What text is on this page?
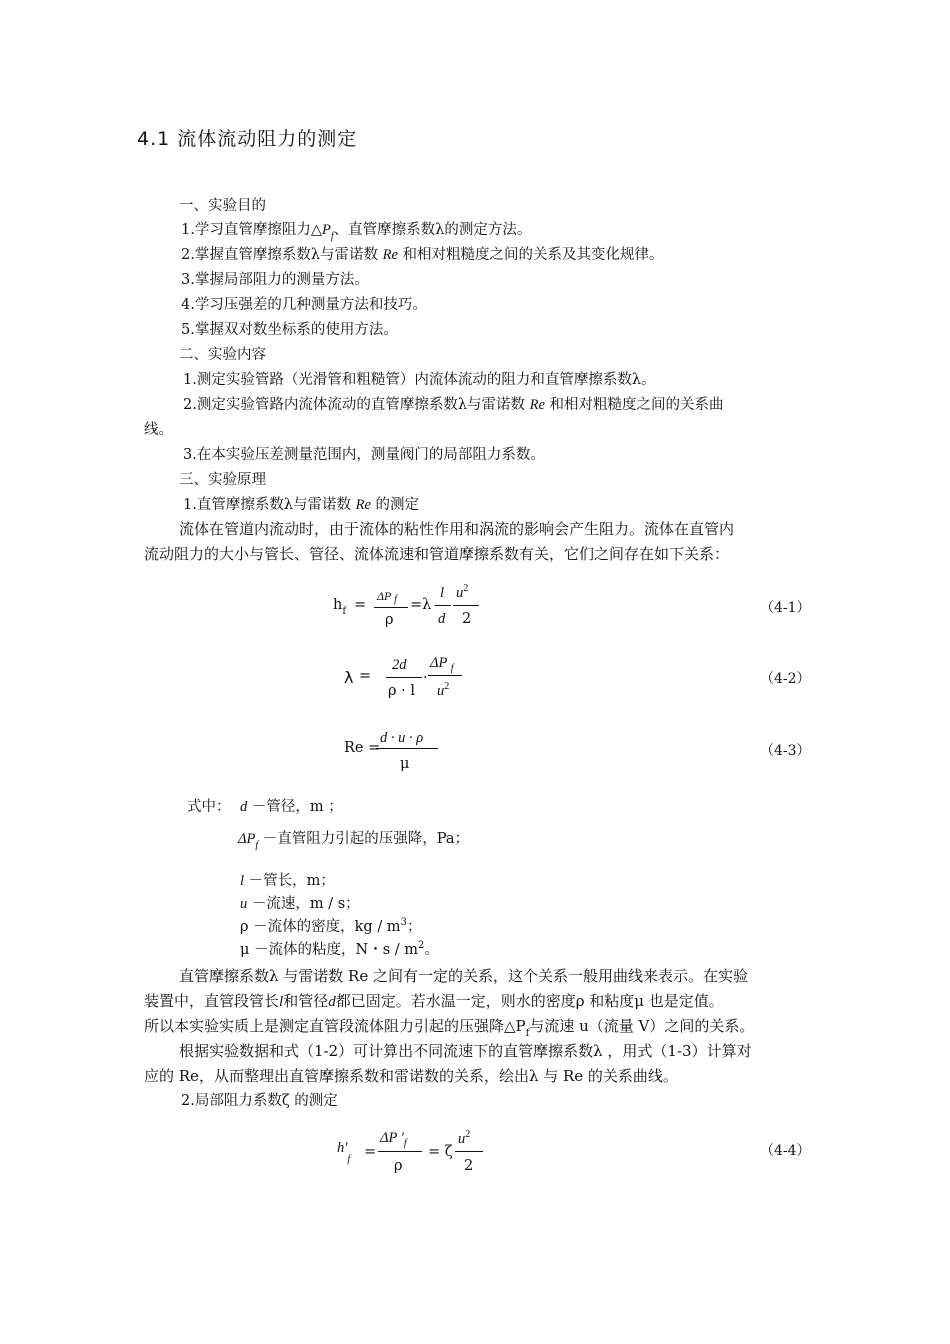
4.1 流体流动阻力的测定
一、实验目的
1.学习直管摩擦阻力$\triangle P_f$、直管摩擦系数λ的测定方法。
2.掌握直管摩擦系数λ与雷诺数 Re 和相对粗糙度之间的关系及其变化规律。
3.掌握局部阻力的测量方法。
4.学习压强差的几种测量方法和技巧。
5.掌握双对数坐标系的使用方法。
二、实验内容
1.测定实验管路（光滑管和粗糙管）内流体流动的阻力和直管摩擦系数λ。
2.测定实验管路内流体流动的直管摩擦系数λ与雷诺数 Re 和相对粗糙度之间的关系曲
线。
3.在本实验压差测量范围内，测量阀门的局部阻力系数。
三、实验原理
1.直管摩擦系数λ与雷诺数 Re 的测定
流体在管道内流动时，由于流体的粘性作用和涡流的影响会产生阻力。流体在直管内
流动阻力的大小与管长、管径、流体流速和管道摩擦系数有关，它们之间存在如下关系：
$h_f$ =
ΔP f
ρ
=λ
l
d
$u^2$
2
（4-1）
λ =
2d
ρ · l
·
ΔP $_f$
$u^2$	（4-2）
Re =
d · u · ρ
μ
（4-3）
式中： d －管径，m ；
$\Delta P_f$ －直管阻力引起的压强降，Pa；
l －管长，m；
u －流速，m / s；
ρ －流体的密度，kg / $m^3$；
μ －流体的粘度，N・s / $m^2$。
直管摩擦系数λ 与雷诺数 Re 之间有一定的关系，这个关系一般用曲线来表示。在实验
装置中，直管段管长l和管径d都已固定。若水温一定，则水的密度ρ 和粘度μ 也是定值。
所以本实验实质上是测定直管段流体阻力引起的压强降$\triangle P_f$与流速 u（流量 V）之间的关系。
根据实验数据和式（1-2）可计算出不同流速下的直管摩擦系数λ ，用式（1-3）计算对
应的 Re，从而整理出直管摩擦系数和雷诺数的关系，绘出λ 与 Re 的关系曲线。
2.局部阻力系数ζ 的测定
$h'_f$ =
ΔP $'_f$
ρ
= ζ
$u^2$
2
（4-4）
